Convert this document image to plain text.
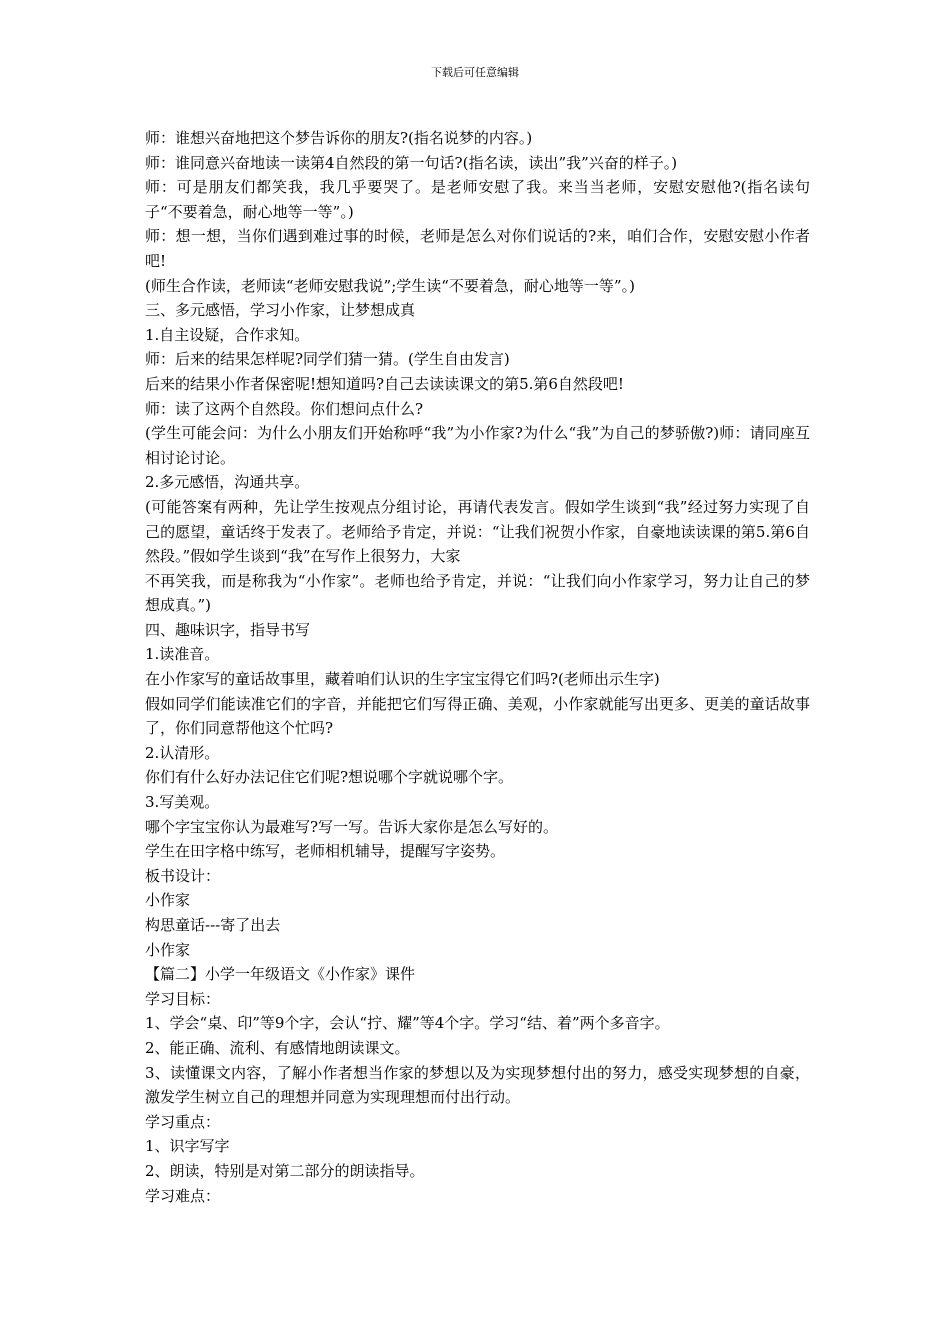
下载后可任意编辑

师：谁想兴奋地把这个梦告诉你的朋友?(指名说梦的内容。)

师：谁同意兴奋地读一读第4自然段的第一句话?(指名读，读出”我”兴奋的样子。)

师：可是朋友们都笑我，我几乎要哭了。是老师安慰了我。来当当老师，安慰安慰他?(指名读句子“不要着急，耐心地等一等”。)

师：想一想，当你们遇到难过事的时候，老师是怎么对你们说话的?来，咱们合作，安慰安慰小作者吧!

(师生合作读，老师读“老师安慰我说”;学生读“不要着急，耐心地等一等”。)

三、多元感悟，学习小作家，让梦想成真

1.自主设疑，合作求知。

师：后来的结果怎样呢?同学们猜一猜。(学生自由发言)

后来的结果小作者保密呢!想知道吗?自己去读读课文的第5.第6自然段吧!

师：读了这两个自然段。你们想问点什么?

(学生可能会问：为什么小朋友们开始称呼“我”为小作家?为什么“我”为自己的梦骄傲?)师：请同座互相讨论讨论。

2.多元感悟，沟通共享。

(可能答案有两种，先让学生按观点分组讨论，再请代表发言。假如学生谈到“我”经过努力实现了自己的愿望，童话终于发表了。老师给予肯定，并说：“让我们祝贺小作家，自豪地读读课的第5.第6自然段。”假如学生谈到“我”在写作上很努力，大家

不再笑我，而是称我为“小作家”。老师也给予肯定，并说：“让我们向小作家学习，努力让自己的梦想成真。”)

四、趣味识字，指导书写

1.读准音。

在小作家写的童话故事里，藏着咱们认识的生字宝宝得它们吗?(老师出示生字)

假如同学们能读准它们的字音，并能把它们写得正确、美观，小作家就能写出更多、更美的童话故事了，你们同意帮他这个忙吗?

2.认清形。

你们有什么好办法记住它们呢?想说哪个字就说哪个字。

3.写美观。

哪个字宝宝你认为最难写?写一写。告诉大家你是怎么写好的。

学生在田字格中练写，老师相机辅导，提醒写字姿势。

板书设计：

小作家

构思童话---寄了出去

小作家

【篇二】小学一年级语文《小作家》课件

学习目标：

1、学会“桌、印”等9个字，会认“拧、耀”等4个字。学习“结、着”两个多音字。

2、能正确、流利、有感情地朗读课文。

3、读懂课文内容，了解小作者想当作家的梦想以及为实现梦想付出的努力，感受实现梦想的自豪，激发学生树立自己的理想并同意为实现理想而付出行动。

学习重点：

1、识字写字

2、朗读，特别是对第二部分的朗读指导。

学习难点：
